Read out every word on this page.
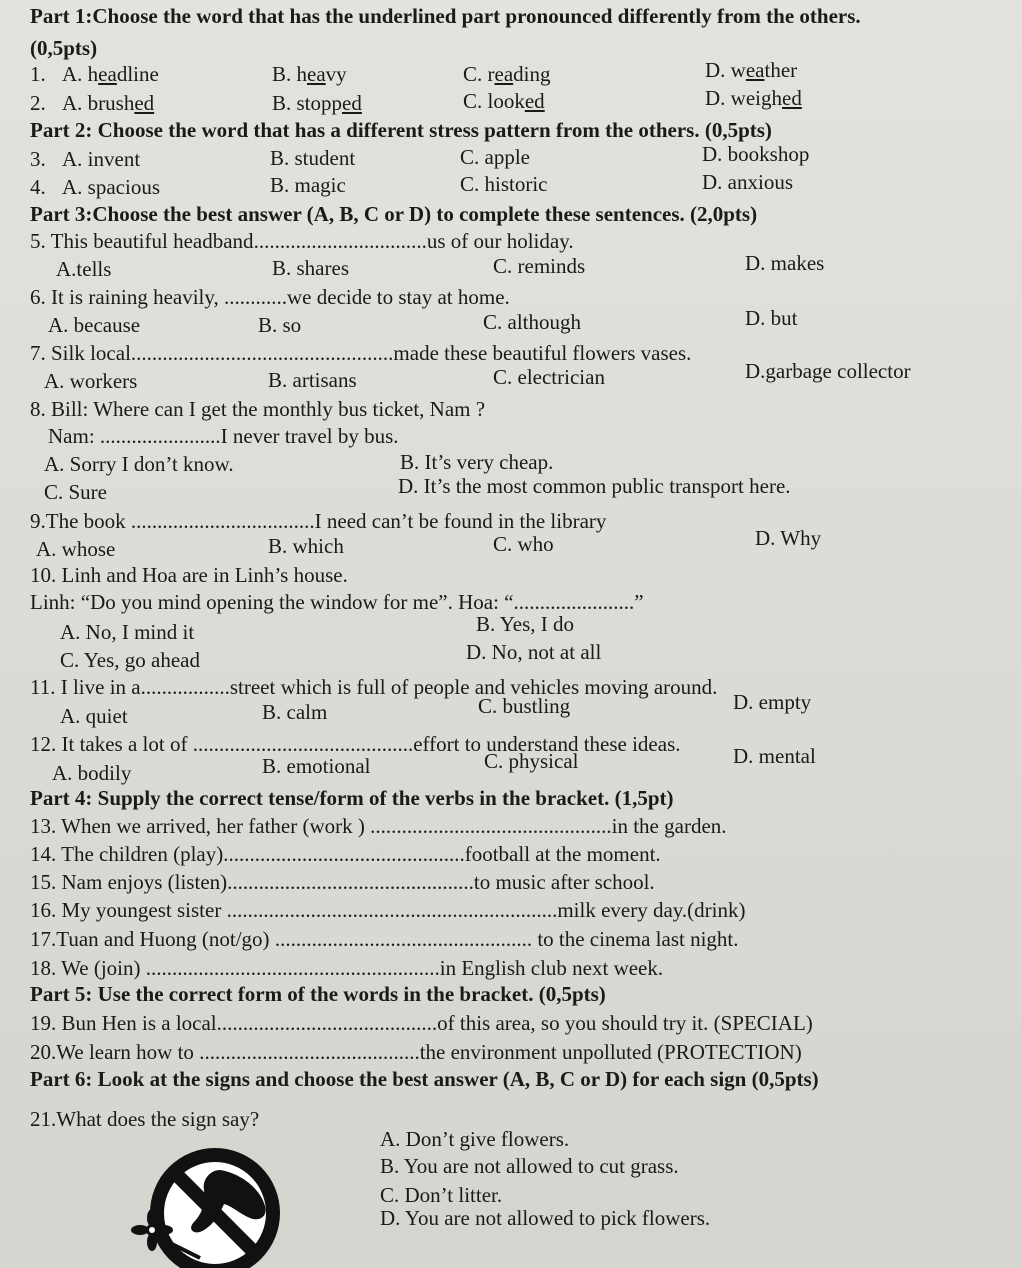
Part 1:Choose the word that has the underlined part pronounced differently from the others.
(0,5pts)
1. A. headline	B. heavy	C. reading	D. weather
2. A. brushed	B. stopped	C. looked	D. weighed
Part 2: Choose the word that has a different stress pattern from the others. (0,5pts)
3. A. invent	B. student	C. apple	D. bookshop
4. A. spacious	B. magic	C. historic	D. anxious
Part 3:Choose the best answer (A, B, C or D) to complete these sentences. (2,0pts)
5. This beautiful headband.................................us of our holiday.
A.tells	B. shares	C. reminds	D. makes
6. It is raining heavily, ............we decide to stay at home.
A. because	B. so	C. although	D. but
7. Silk local..................................................made these beautiful flowers vases.
A. workers	B. artisans	C. electrician	D.garbage collector
8. Bill: Where can I get the monthly bus ticket, Nam ?
Nam: .......................I never travel by bus.
A. Sorry I don’t know.	B. It’s very cheap.
C. Sure	D. It’s the most common public transport here.
9.The book ...................................I need can’t be found in the library
A. whose	B. which	C. who	D. Why
10. Linh and Hoa are in Linh’s house.
Linh: “Do you mind opening the window for me”. Hoa: “.......................”
A. No, I mind it	B. Yes, I do
C. Yes, go ahead	D. No, not at all
11. I live in a.................street which is full of people and vehicles moving around.
A. quiet	B. calm	C. bustling	D. empty
12. It takes a lot of ..........................................effort to understand these ideas.
A. bodily	B. emotional	C. physical	D. mental
Part 4: Supply the correct tense/form of the verbs in the bracket. (1,5pt)
13. When we arrived, her father (work ) ..............................................in the garden.
14. The children (play)..............................................football at the moment.
15. Nam enjoys (listen)...............................................to music after school.
16. My youngest sister ...............................................................milk every day.(drink)
17.Tuan and Huong (not/go) ................................................. to the cinema last night.
18. We (join) ........................................................in English club next week.
Part 5: Use the correct form of the words in the bracket. (0,5pts)
19. Bun Hen is a local..........................................of this area, so you should try it. (SPECIAL)
20.We learn how to ..........................................the environment unpolluted (PROTECTION)
Part 6: Look at the signs and choose the best answer (A, B, C or D) for each sign (0,5pts)
21.What does the sign say?
A. Don’t give flowers.
B. You are not allowed to cut grass.
C. Don’t litter.
D. You are not allowed to pick flowers.
